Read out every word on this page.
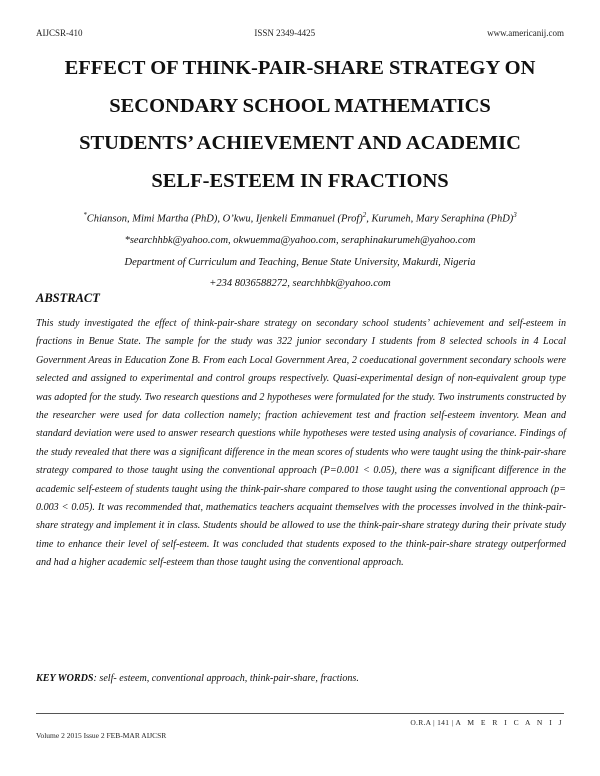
AIJCSR-410	ISSN 2349-4425	www.americanij.com
EFFECT OF THINK-PAIR-SHARE STRATEGY ON
SECONDARY SCHOOL MATHEMATICS
STUDENTS’ ACHIEVEMENT AND ACADEMIC
SELF-ESTEEM IN FRACTIONS
*Chianson, Mimi Martha (PhD), O’kwu, Ijenkeli Emmanuel (Prof)$^2$, Kurumeh, Mary Seraphina (PhD)$^3$
*searchhbk@yahoo.com, okwuemma@yahoo.com, seraphinakurumeh@yahoo.com
Department of Curriculum and Teaching, Benue State University, Makurdi, Nigeria
+234 8036588272, searchhbk@yahoo.com
ABSTRACT

This study investigated the effect of think-pair-share strategy on secondary school students’ achievement and self-esteem in fractions in Benue State. The sample for the study was 322 junior secondary I students from 8 selected schools in 4 Local Government Areas in Education Zone B. From each Local Government Area, 2 coeducational government secondary schools were selected and assigned to experimental and control groups respectively. Quasi-experimental design of non-equivalent group type was adopted for the study. Two research questions and 2 hypotheses were formulated for the study. Two instruments constructed by the researcher were used for data collection namely; fraction achievement test and fraction self-esteem inventory. Mean and standard deviation were used to answer research questions while hypotheses were tested using analysis of covariance. Findings of the study revealed that there was a significant difference in the mean scores of students who were taught using the think-pair-share strategy compared to those taught using the conventional approach (P=0.001 < 0.05), there was a significant difference in the academic self-esteem of students taught using the think-pair-share compared to those taught using the conventional approach (p= 0.003 < 0.05). It was recommended that, mathematics teachers acquaint themselves with the processes involved in the think-pair-share strategy and implement it in class. Students should be allowed to use the think-pair-share strategy during their private study time to enhance their level of self-esteem. It was concluded that students exposed to the think-pair-share strategy outperformed and had a higher academic self-esteem than those taught using the conventional approach.

KEY WORDS: self- esteem, conventional approach, think-pair-share, fractions.

O.R.A | 141 | A M E R I C A N I J
Volume 2 2015 Issue 2 FEB-MAR AIJCSR
